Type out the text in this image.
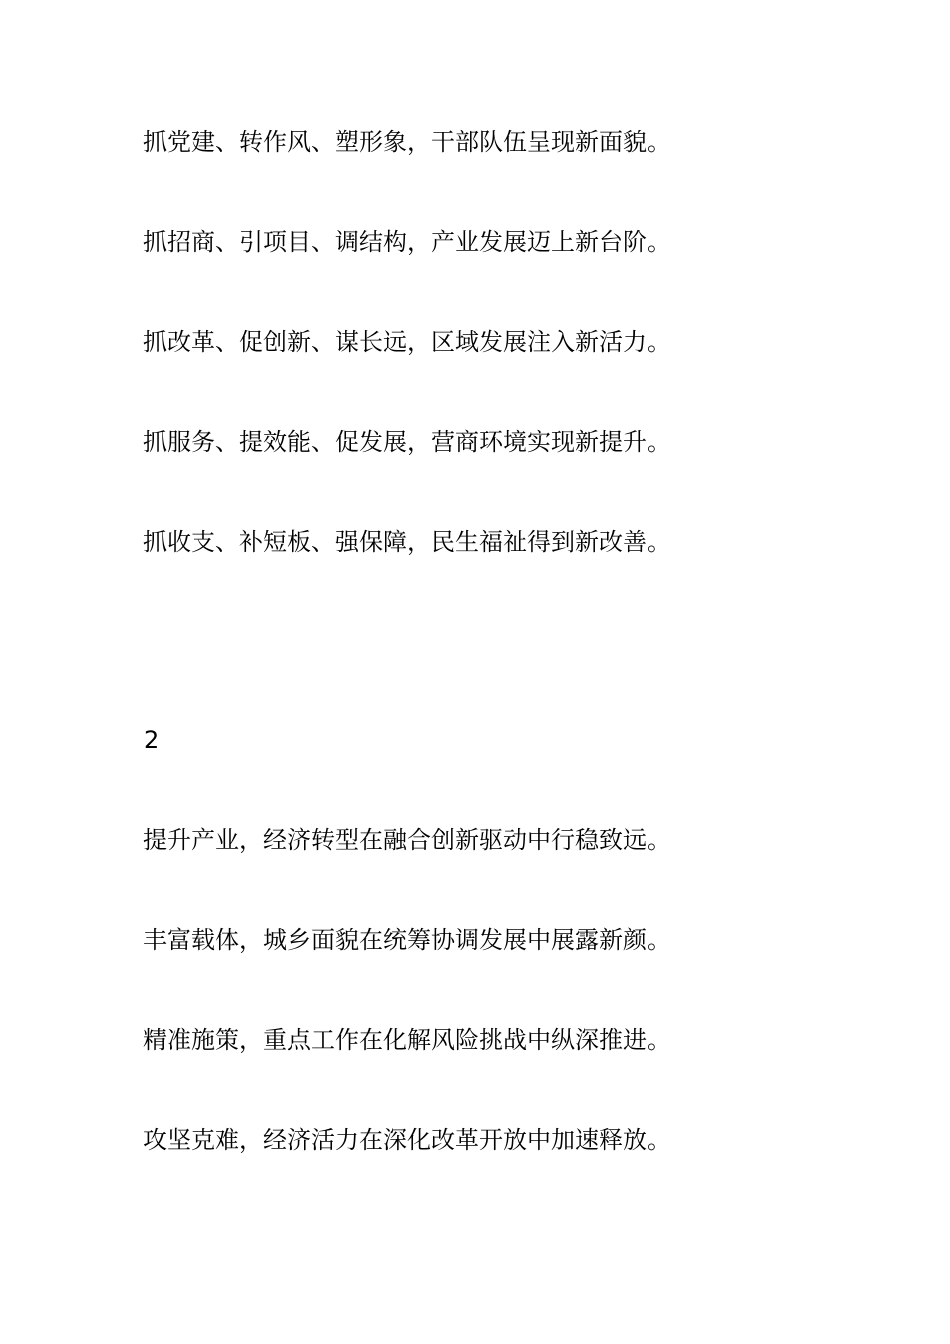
抓党建、转作风、塑形象，干部队伍呈现新面貌。

抓招商、引项目、调结构，产业发展迈上新台阶。

抓改革、促创新、谋长远，区域发展注入新活力。

抓服务、提效能、促发展，营商环境实现新提升。

抓收支、补短板、强保障，民生福祉得到新改善。

2

提升产业，经济转型在融合创新驱动中行稳致远。

丰富载体，城乡面貌在统筹协调发展中展露新颜。

精准施策，重点工作在化解风险挑战中纵深推进。

攻坚克难，经济活力在深化改革开放中加速释放。
